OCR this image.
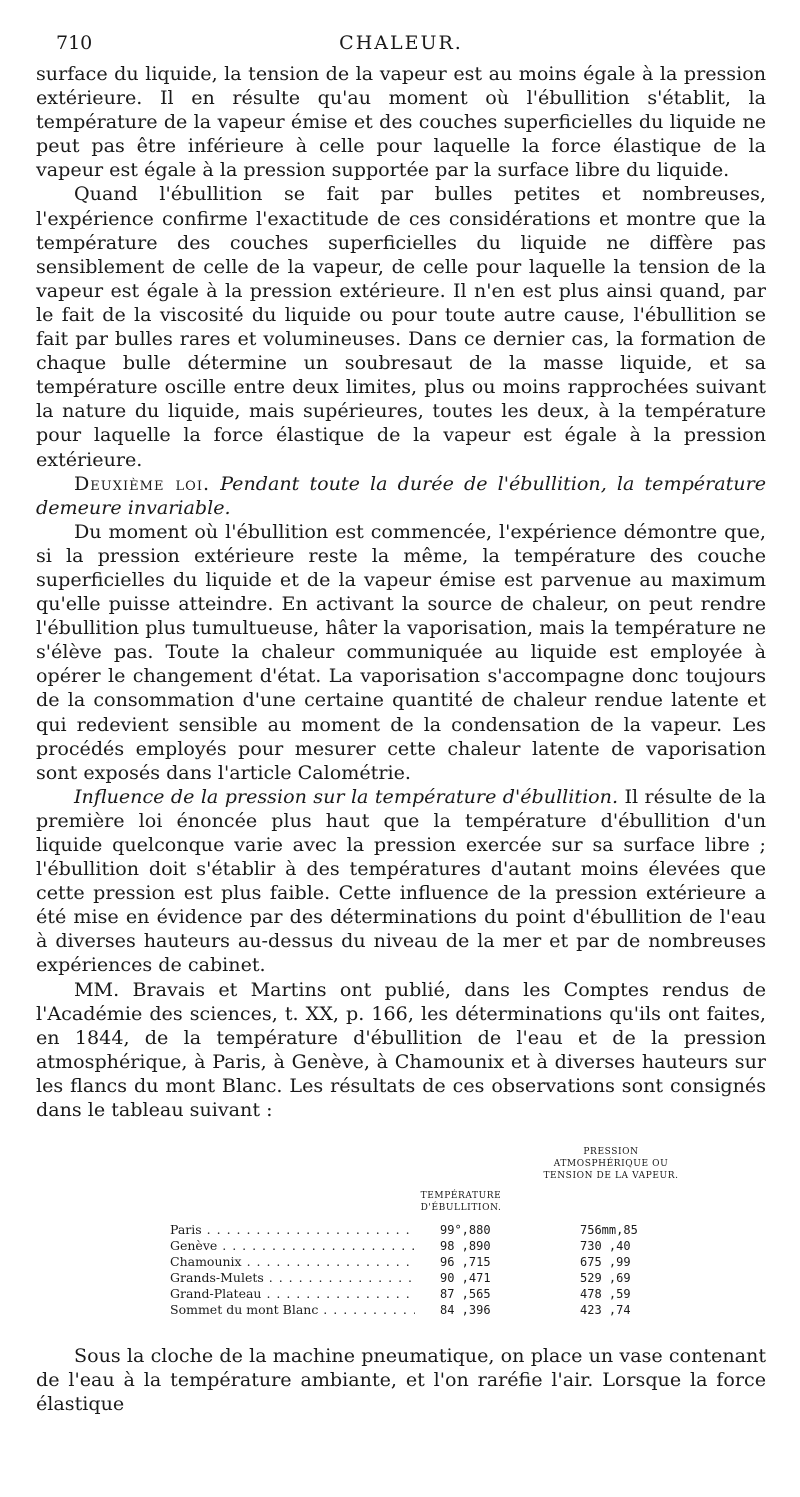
710	CHALEUR.

surface du liquide, la tension de la vapeur est au moins égale à la pression extérieure. Il en résulte qu'au moment où l'ébullition s'établit, la température de la vapeur émise et des couches superficielles du liquide ne peut pas être inférieure à celle pour laquelle la force élastique de la vapeur est égale à la pression supportée par la surface libre du liquide.

Quand l'ébullition se fait par bulles petites et nombreuses, l'expérience confirme l'exactitude de ces considérations et montre que la température des couches superficielles du liquide ne diffère pas sensiblement de celle de la vapeur, de celle pour laquelle la tension de la vapeur est égale à la pression extérieure. Il n'en est plus ainsi quand, par le fait de la viscosité du liquide ou pour toute autre cause, l'ébullition se fait par bulles rares et volumineuses. Dans ce dernier cas, la formation de chaque bulle détermine un soubresaut de la masse liquide, et sa température oscille entre deux limites, plus ou moins rapprochées suivant la nature du liquide, mais supérieures, toutes les deux, à la température pour laquelle la force élastique de la vapeur est égale à la pression extérieure.

Deuxième loi. Pendant toute la durée de l'ébullition, la température demeure invariable.

Du moment où l'ébullition est commencée, l'expérience démontre que, si la pression extérieure reste la même, la température des couche superficielles du liquide et de la vapeur émise est parvenue au maximum qu'elle puisse atteindre. En activant la source de chaleur, on peut rendre l'ébullition plus tumultueuse, hâter la vaporisation, mais la température ne s'élève pas. Toute la chaleur communiquée au liquide est employée à opérer le changement d'état. La vaporisation s'accompagne donc toujours de la consommation d'une certaine quantité de chaleur rendue latente et qui redevient sensible au moment de la condensation de la vapeur. Les procédés employés pour mesurer cette chaleur latente de vaporisation sont exposés dans l'article Calométrie.

Influence de la pression sur la température d'ébullition. Il résulte de la première loi énoncée plus haut que la température d'ébullition d'un liquide quelconque varie avec la pression exercée sur sa surface libre ; l'ébullition doit s'établir à des températures d'autant moins élevées que cette pression est plus faible. Cette influence de la pression extérieure a été mise en évidence par des déterminations du point d'ébullition de l'eau à diverses hauteurs au-dessus du niveau de la mer et par de nombreuses expériences de cabinet.

MM. Bravais et Martins ont publié, dans les Comptes rendus de l'Académie des sciences, t. XX, p. 166, les déterminations qu'ils ont faites, en 1844, de la température d'ébullition de l'eau et de la pression atmosphérique, à Paris, à Genève, à Chamounix et à diverses hauteurs sur les flancs du mont Blanc. Les résultats de ces observations sont consignés dans le tableau suivant :

TEMPÉRATURE D'ÉBULLITION.
PRESSION ATMOSPHÉRIQUE OU TENSION DE LA VAPEUR.
Paris . . .	99°,880	756mm,85
Genève . . .	98 ,890	730 ,40
Chamounix . . .	96 ,715	675 ,99
Grands-Mulets . . .	90 ,471	529 ,69
Grand-Plateau . . .	87 ,565	478 ,59
Sommet du mont Blanc . . .	84 ,396	423 ,74

Sous la cloche de la machine pneumatique, on place un vase contenant de l'eau à la température ambiante, et l'on raréfie l'air. Lorsque la force élastique
